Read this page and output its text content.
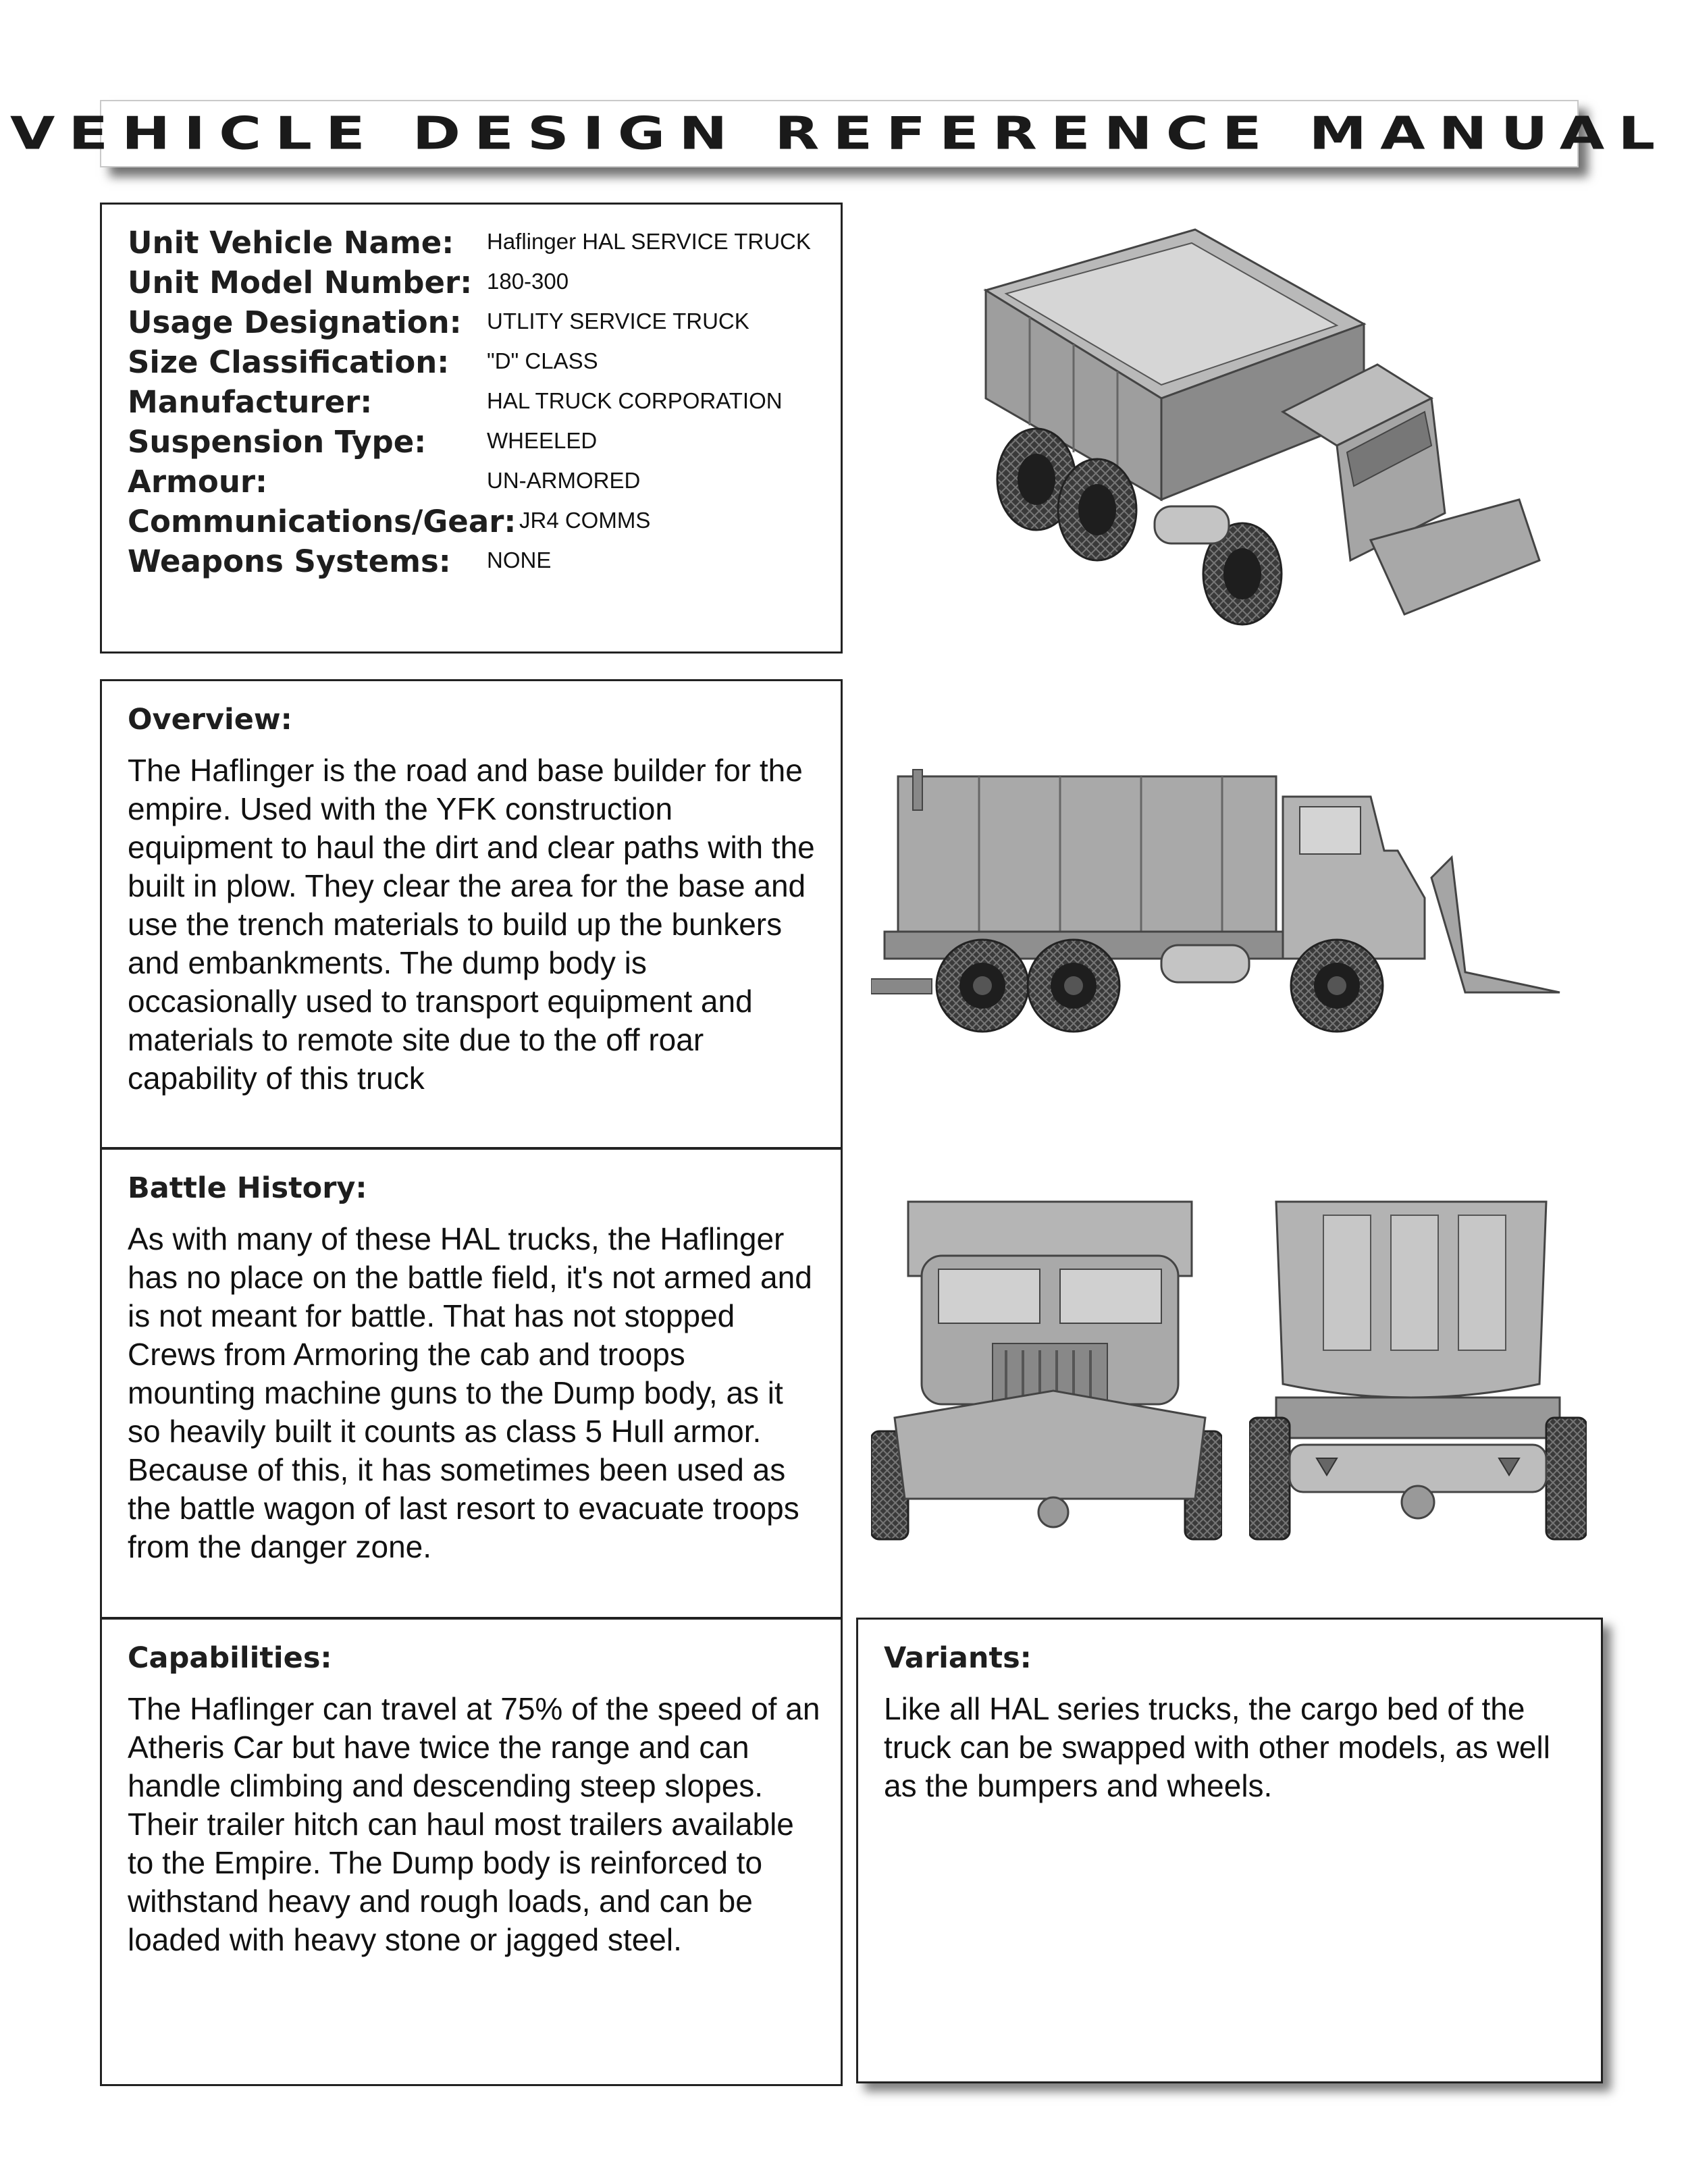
VEHICLE DESIGN REFERENCE MANUAL
Unit Vehicle Name: Haflinger HAL SERVICE TRUCK
Unit Model Number: 180-300
Usage Designation: UTLITY SERVICE TRUCK
Size Classification: "D" CLASS
Manufacturer:	HAL TRUCK CORPORATION
Suspension Type:	WHEELED
Armour:	UN-ARMORED
Communications/Gear: JR4 COMMS
Weapons Systems: NONE
Overview:
The Haflinger is the road and base builder for the empire. Used with the YFK construction equipment to haul the dirt and clear paths with the built in plow. They clear the area for the base and use the trench materials to build up the bunkers and embankments. The dump body is occasionally used to transport equipment and materials to remote site due to the off roar capability of this truck
Battle History:
As with many of these HAL trucks, the Haflinger has no place on the battle field, it's not armed and is not meant for battle. That has not stopped Crews from Armoring the cab and troops mounting machine guns to the Dump body, as it so heavily built it counts as class 5 Hull armor. Because of this, it has sometimes been used as the battle wagon of last resort to evacuate troops from the danger zone.
Capabilities:
The Haflinger can travel at 75% of the speed of an Atheris Car but have twice the range and can handle climbing and descending steep slopes. Their trailer hitch can haul most trailers available to the Empire. The Dump body is reinforced to withstand heavy and rough loads, and can be loaded with heavy stone or jagged steel.
Variants:
Like all HAL series trucks, the cargo bed of the truck can be swapped with other models, as well as the bumpers and wheels.
